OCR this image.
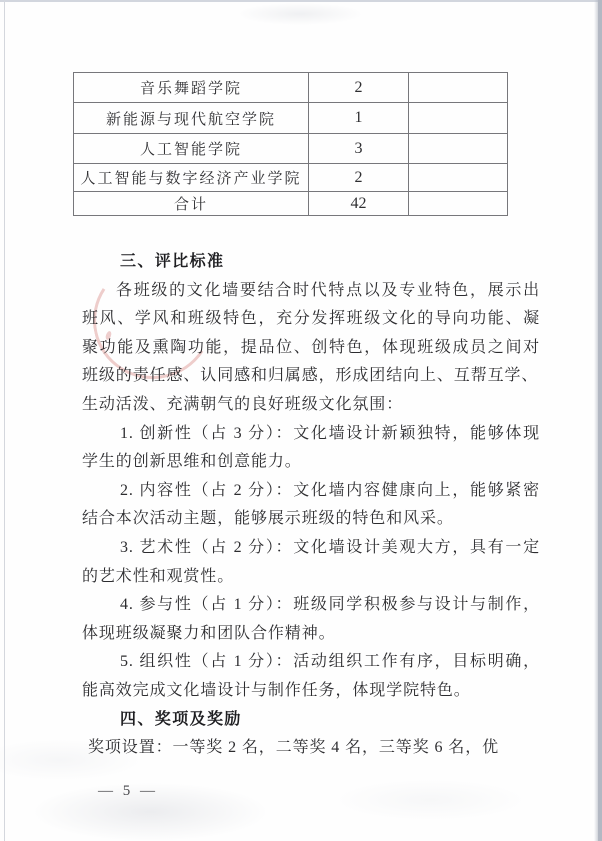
音乐舞蹈学院	2	
新能源与现代航空学院	1	
人工智能学院	3	
人工智能与数字经济产业学院	2	
合计	42	
三、评比标准
各班级的文化墙要结合时代特点以及专业特色，展示出
班风、学风和班级特色，充分发挥班级文化的导向功能、凝
聚功能及熏陶功能，提品位、创特色，体现班级成员之间对
班级的责任感、认同感和归属感，形成团结向上、互帮互学、
生动活泼、充满朝气的良好班级文化氛围：
1. 创新性（占 3 分）：文化墙设计新颖独特，能够体现
学生的创新思维和创意能力。
2. 内容性（占 2 分）：文化墙内容健康向上，能够紧密
结合本次活动主题，能够展示班级的特色和风采。
3. 艺术性（占 2 分）：文化墙设计美观大方，具有一定
的艺术性和观赏性。
4. 参与性（占 1 分）：班级同学积极参与设计与制作，
体现班级凝聚力和团队合作精神。
5. 组织性（占 1 分）：活动组织工作有序，目标明确，
能高效完成文化墙设计与制作任务，体现学院特色。
四、奖项及奖励
奖项设置：一等奖 2 名，二等奖 4 名，三等奖 6 名，优
— 5 —
